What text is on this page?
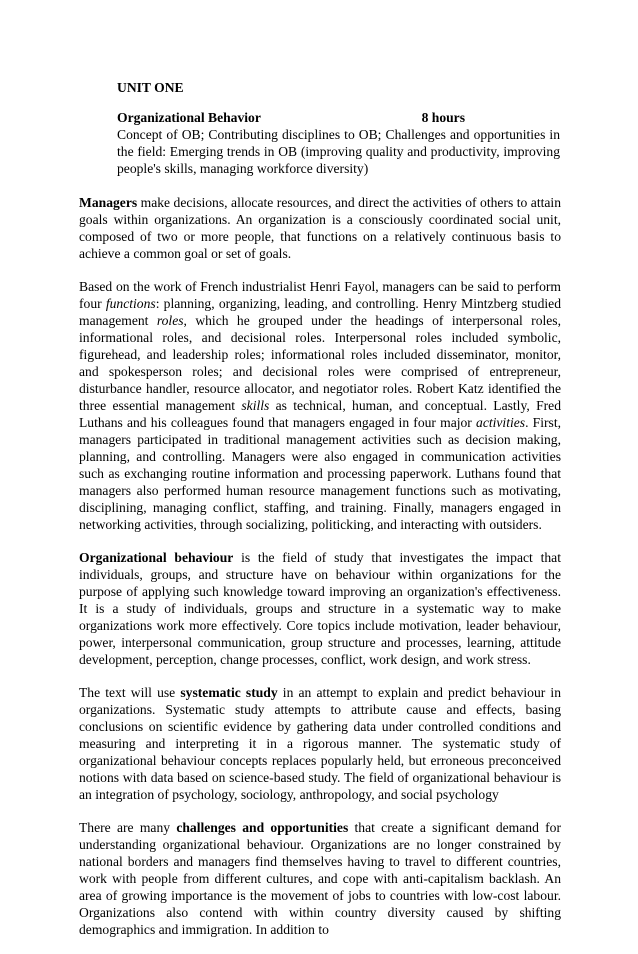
UNIT ONE
Organizational Behavior	8 hours

Concept of OB; Contributing disciplines to OB; Challenges and opportunities in the field: Emerging trends in OB (improving quality and productivity, improving people's skills, managing workforce diversity)

Managers make decisions, allocate resources, and direct the activities of others to attain goals within organizations. An organization is a consciously coordinated social unit, composed of two or more people, that functions on a relatively continuous basis to achieve a common goal or set of goals.

Based on the work of French industrialist Henri Fayol, managers can be said to perform four functions: planning, organizing, leading, and controlling. Henry Mintzberg studied management roles, which he grouped under the headings of interpersonal roles, informational roles, and decisional roles. Interpersonal roles included symbolic, figurehead, and leadership roles; informational roles included disseminator, monitor, and spokesperson roles; and decisional roles were comprised of entrepreneur, disturbance handler, resource allocator, and negotiator roles. Robert Katz identified the three essential management skills as technical, human, and conceptual. Lastly, Fred Luthans and his colleagues found that managers engaged in four major activities. First, managers participated in traditional management activities such as decision making, planning, and controlling. Managers were also engaged in communication activities such as exchanging routine information and processing paperwork. Luthans found that managers also performed human resource management functions such as motivating, disciplining, managing conflict, staffing, and training. Finally, managers engaged in networking activities, through socializing, politicking, and interacting with outsiders.

Organizational behaviour is the field of study that investigates the impact that individuals, groups, and structure have on behaviour within organizations for the purpose of applying such knowledge toward improving an organization's effectiveness. It is a study of individuals, groups and structure in a systematic way to make organizations work more effectively. Core topics include motivation, leader behaviour, power, interpersonal communication, group structure and processes, learning, attitude development, perception, change processes, conflict, work design, and work stress.

The text will use systematic study in an attempt to explain and predict behaviour in organizations. Systematic study attempts to attribute cause and effects, basing conclusions on scientific evidence by gathering data under controlled conditions and measuring and interpreting it in a rigorous manner. The systematic study of organizational behaviour concepts replaces popularly held, but erroneous preconceived notions with data based on science-based study. The field of organizational behaviour is an integration of psychology, sociology, anthropology, and social psychology

There are many challenges and opportunities that create a significant demand for understanding organizational behaviour. Organizations are no longer constrained by national borders and managers find themselves having to travel to different countries, work with people from different cultures, and cope with anti-capitalism backlash. An area of growing importance is the movement of jobs to countries with low-cost labour. Organizations also contend with within country diversity caused by shifting demographics and immigration. In addition to
